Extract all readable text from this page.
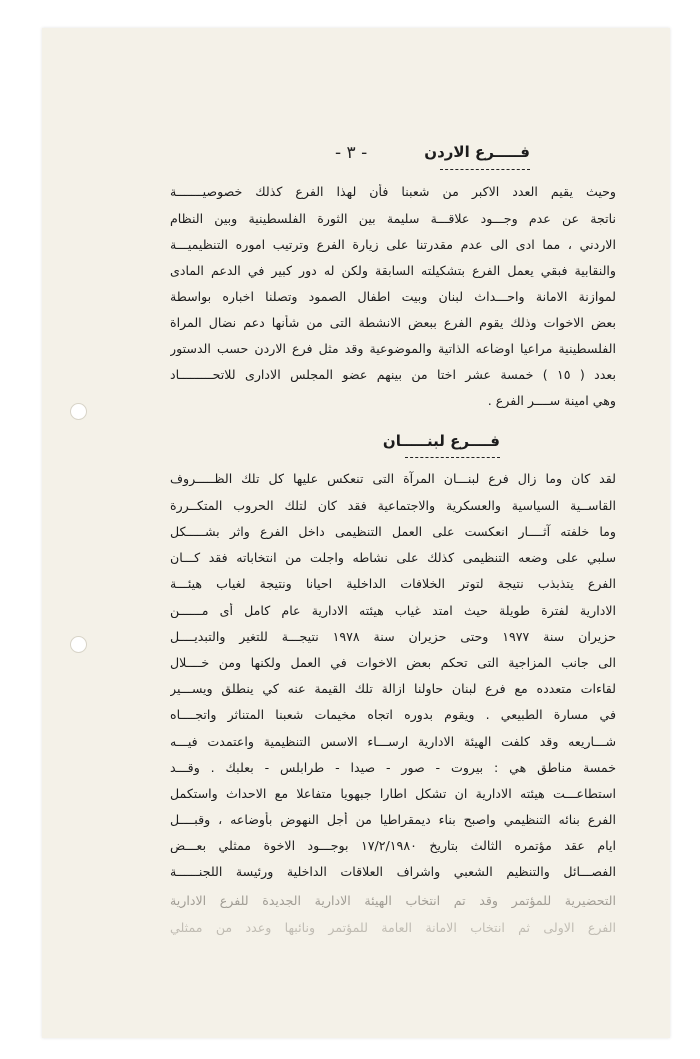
- ٣ -	فـــــرع الاردن
وحيث يقيم العدد الاكبر من شعبنا فأن لهذا الفرع كذلك خصوصيـــــــة
ناتجة عن عدم وجـــود علاقـــة سليمة بين الثورة الفلسطينية وبين النظام
الاردني ، مما ادى الى عدم مقدرتنا على زيارة الفرع وترتيب اموره التنظيميـــة
والنقابية فبقي يعمل الفرع بتشكيلته السابقة ولكن له دور كبير في الدعم المادى
لموازنة الامانة واحـــداث لبنان وبيت اطفال الصمود وتصلنا اخباره بواسطة
بعض الاخوات وذلك يقوم الفرع ببعض الانشطة التى من شأنها دعم نضال المراة
الفلسطينية مراعيا اوضاعه الذاتية والموضوعية وقد مثل فرع الاردن حسب الدستور
بعدد ( ١٥ ) خمسة عشر اختا من بينهم عضو المجلس الادارى للاتحـــــــــاد
وهي امينة ســــر الفرع .
فــــرع لبنـــــان
لقد كان وما زال فرع لبنـــان المرآة التى تنعكس عليها كل تلك الظـــــروف
القاســية السياسية والعسكرية والاجتماعية فقد كان لتلك الحروب المتكــررة
وما خلفته آثــــار انعكست على العمل التنظيمى داخل الفرع واثر بشـــــكل
سلبي على وضعه التنظيمى كذلك على نشاطه واجلت من انتخاباته فقد كـــان
الفرع يتذبذب نتيجة لتوتر الخلافات الداخلية احيانا ونتيجة لغياب هيئـــة
الادارية لفترة طويلة حيث امتد غياب هيئته الادارية عام كامل أى مــــــن
حزيران سنة ١٩٧٧ وحتى حزيران سنة ١٩٧٨ نتيجـــة للتغير والتبديــــل
الى جانب المزاجية التى تحكم بعض الاخوات في العمل ولكنها ومن خــــلال
لقاءات متعدده مع فرع لبنان حاولنا ازالة تلك القيمة عنه كي ينطلق ويســـير
في مسارة الطبيعي . ويقوم بدوره اتجاه مخيمات شعبنا المتناثر واتجــــاه
شـــاريعه وقد كلفت الهيئة الادارية ارســـاء الاسس التنظيمية واعتمدت فيـــه
خمسة مناطق هي : بيروت - صور - صيدا - طرابلس - بعلبك . وقـــد
استطاعـــت هيئته الادارية ان تشكل اطارا جبهويا متفاعلا مع الاحداث واستكمل
الفرع بنائه التنظيمي واصبح بناء ديمقراطيا من أجل النهوض بأوضاعه ، وقبــــل
ايام عقد مؤتمره الثالث بتاريخ ١٧/٢/١٩٨٠ بوجـــود الاخوة ممثلي بعـــض
الفصـــائل والتنظيم الشعبي واشراف العلاقات الداخلية ورئيسة اللجنــــــة
التحضيرية للمؤتمر وقد تم انتخاب الهيئة الادارية الجديدة للفرع الادارية
الفرع الاولى ثم انتخاب الامانة العامة للمؤتمر ونائبها وعدد من ممثلي
